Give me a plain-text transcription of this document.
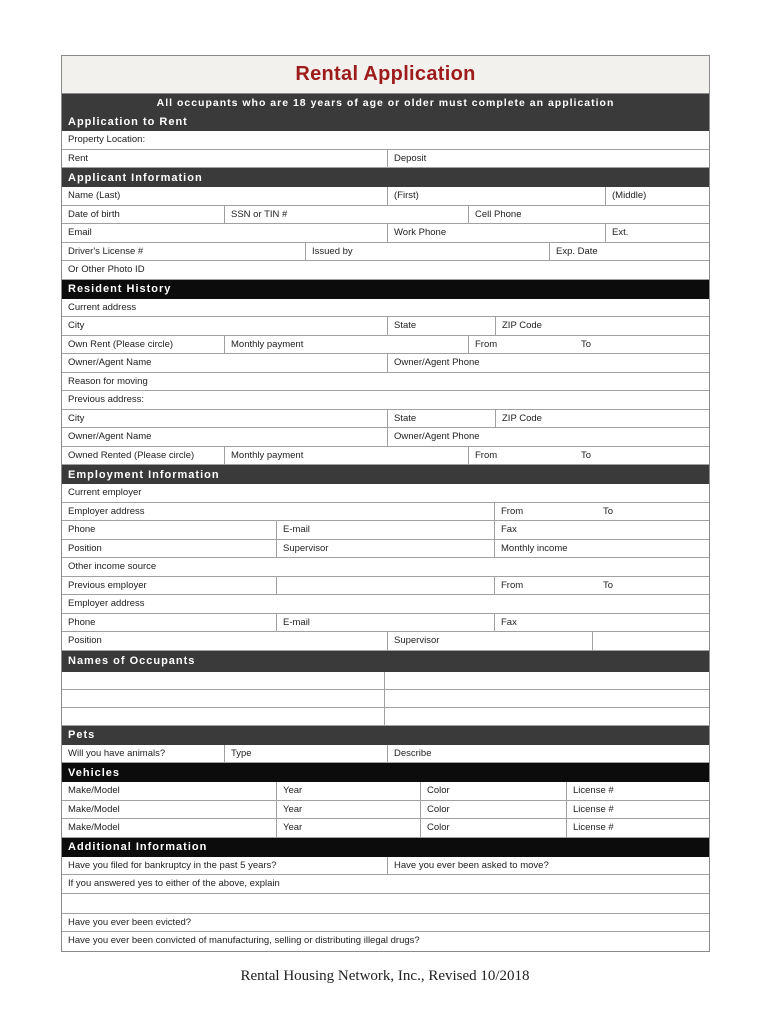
Rental Application
All occupants who are 18 years of age or older must complete an application
Application to Rent
Property Location:
Rent	Deposit
Applicant Information
Name (Last)	(First)	(Middle)
Date of birth	SSN or TIN #	Cell Phone
Email	Work Phone	Ext.
Driver's License #	Issued by	Exp. Date
Or Other Photo ID
Resident History
Current address
City	State	ZIP Code
Own Rent (Please circle)	Monthly payment	From	To
Owner/Agent Name	Owner/Agent Phone
Reason for moving
Previous address:
City	State	ZIP Code
Owner/Agent Name	Owner/Agent Phone
Owned Rented (Please circle)	Monthly payment	From	To
Employment Information
Current employer
Employer address	From	To
Phone	E-mail	Fax
Position	Supervisor	Monthly income
Other income source
Previous employer	From	To
Employer address
Phone	E-mail	Fax
Position	Supervisor
Names of Occupants
Pets
Will you have animals?	Type	Describe
Vehicles
Make/Model	Year	Color	License #
Make/Model	Year	Color	License #
Make/Model	Year	Color	License #
Additional Information
Have you filed for bankruptcy in the past 5 years?	Have you ever been asked to move?
If you answered yes to either of the above, explain
Have you ever been evicted?
Have you ever been convicted of manufacturing, selling or distributing illegal drugs?
Rental Housing Network, Inc., Revised 10/2018
